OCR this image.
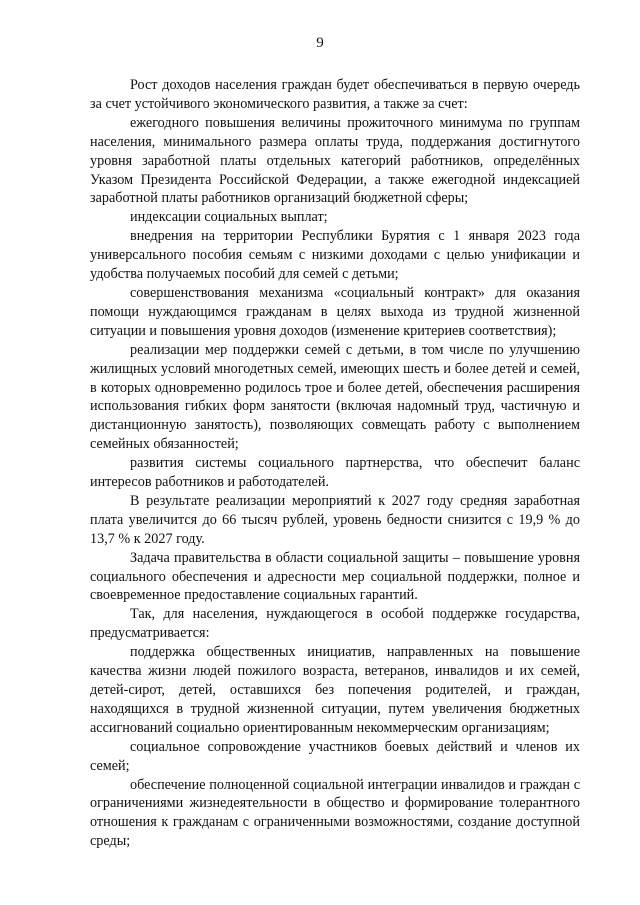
9

Рост доходов населения граждан будет обеспечиваться в первую очередь за счет устойчивого экономического развития, а также за счет:

ежегодного повышения величины прожиточного минимума по группам населения, минимального размера оплаты труда, поддержания достигнутого уровня заработной платы отдельных категорий работников, определённых Указом Президента Российской Федерации, а также ежегодной индексацией заработной платы работников организаций бюджетной сферы;

индексации социальных выплат;

внедрения на территории Республики Бурятия с 1 января 2023 года универсального пособия семьям с низкими доходами с целью унификации и удобства получаемых пособий для семей с детьми;

совершенствования механизма «социальный контракт» для оказания помощи нуждающимся гражданам в целях выхода из трудной жизненной ситуации и повышения уровня доходов (изменение критериев соответствия);

реализации мер поддержки семей с детьми, в том числе по улучшению жилищных условий многодетных семей, имеющих шесть и более детей и семей, в которых одновременно родилось трое и более детей, обеспечения расширения использования гибких форм занятости (включая надомный труд, частичную и дистанционную занятость), позволяющих совмещать работу с выполнением семейных обязанностей;

развития системы социального партнерства, что обеспечит баланс интересов работников и работодателей.

В результате реализации мероприятий к 2027 году средняя заработная плата увеличится до 66 тысяч рублей, уровень бедности снизится с 19,9 % до 13,7 % к 2027 году.

Задача правительства в области социальной защиты – повышение уровня социального обеспечения и адресности мер социальной поддержки, полное и своевременное предоставление социальных гарантий.

Так, для населения, нуждающегося в особой поддержке государства, предусматривается:

поддержка общественных инициатив, направленных на повышение качества жизни людей пожилого возраста, ветеранов, инвалидов и их семей, детей-сирот, детей, оставшихся без попечения родителей, и граждан, находящихся в трудной жизненной ситуации, путем увеличения бюджетных ассигнований социально ориентированным некоммерческим организациям;

социальное сопровождение участников боевых действий и членов их семей;

обеспечение полноценной социальной интеграции инвалидов и граждан с ограничениями жизнедеятельности в общество и формирование толерантного отношения к гражданам с ограниченными возможностями, создание доступной среды;
